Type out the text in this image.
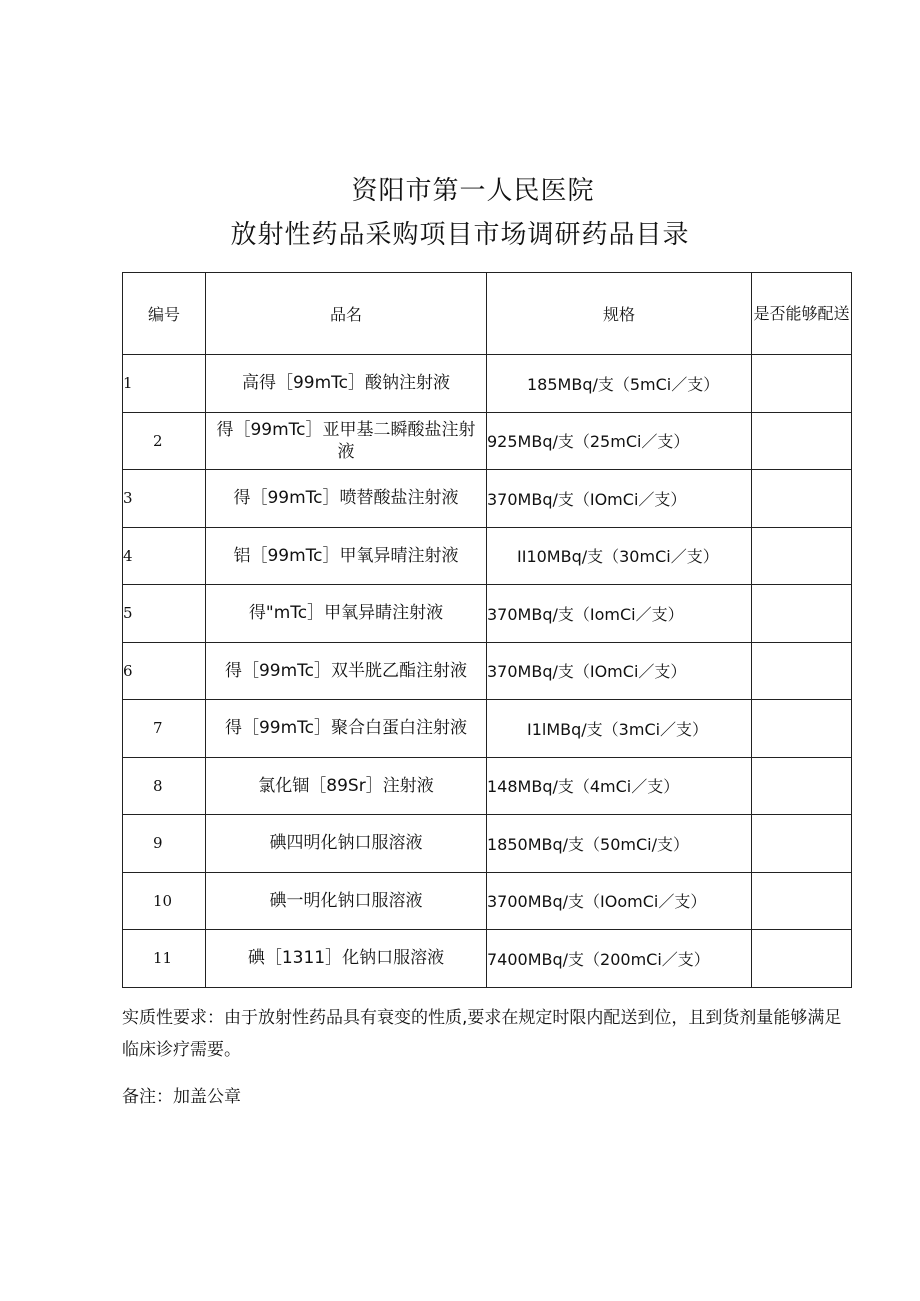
资阳市第一人民医院
放射性药品采购项目市场调研药品目录
编号	品名	规格	是否能够配送
1	高得［99mTc］酸钠注射液	185MBq/支（5mCi／支）	
2	得［99mTc］亚甲基二瞬酸盐注射液	925MBq/支（25mCi／支）	
3	得［99mTc］喷替酸盐注射液	370MBq/支（IOmCi／支）	
4	铝［99mTc］甲氧异晴注射液	II10MBq/支（30mCi／支）	
5	得"mTc］甲氧异睛注射液	370MBq/支（IomCi／支）	
6	得［99mTc］双半胱乙酯注射液	370MBq/支（IOmCi／支）	
7	得［99mTc］聚合白蛋白注射液	I1lMBq/支（3mCi／支）	
8	氯化锢［89Sr］注射液	148MBq/支（4mCi／支）	
9	碘四明化钠口服溶液	1850MBq/支（50mCi/支）	
10	碘一明化钠口服溶液	3700MBq/支（IOomCi／支）	
11	碘［1311］化钠口服溶液	7400MBq/支（200mCi／支）	
实质性要求：由于放射性药品具有衰变的性质,要求在规定时限内配送到位，且到货剂量能够满足临床诊疗需要。
备注：加盖公章
